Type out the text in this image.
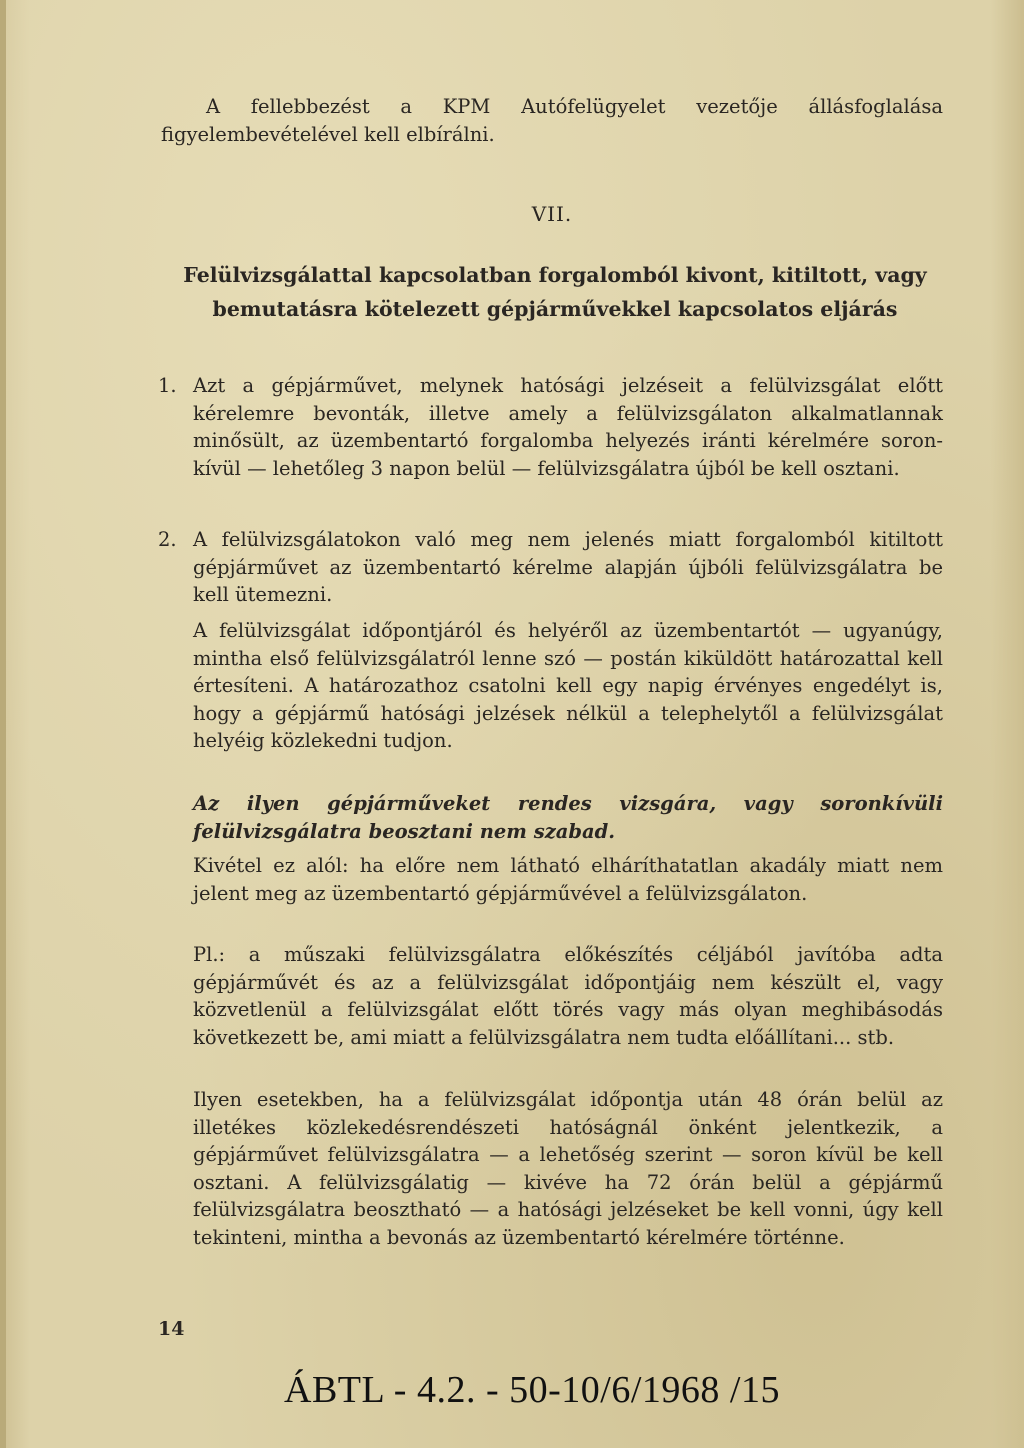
A fellebbezést a KPM Autófelügyelet vezetője állásfoglalása figyelembevételével kell elbírálni.

VII.

Felülvizsgálattal kapcsolatban forgalomból kivont, kitiltott, vagy bemutatásra kötelezett gépjárművekkel kapcsolatos eljárás

1. Azt a gépjárművet, melynek hatósági jelzéseit a felülvizsgálat előtt kérelemre bevonták, illetve amely a felülvizsgálaton alkalmatlannak minősült, az üzembentartó forgalomba helyezés iránti kérelmére soron-kívül — lehetőleg 3 napon belül — felülvizsgálatra újból be kell osztani.

2. A felülvizsgálatokon való meg nem jelenés miatt forgalomból kitiltott gépjárművet az üzembentartó kérelme alapján újbóli felülvizsgálatra be kell ütemezni.

A felülvizsgálat időpontjáról és helyéről az üzembentartót — ugyanúgy, mintha első felülvizsgálatról lenne szó — postán kiküldött határozattal kell értesíteni. A határozathoz csatolni kell egy napig érvényes engedélyt is, hogy a gépjármű hatósági jelzések nélkül a telephelytől a felülvizsgálat helyéig közlekedni tudjon.

Az ilyen gépjárműveket rendes vizsgára, vagy soronkívüli felülvizsgálatra beosztani nem szabad.

Kivétel ez alól: ha előre nem látható elháríthatatlan akadály miatt nem jelent meg az üzembentartó gépjárművével a felülvizsgálaton.

Pl.: a műszaki felülvizsgálatra előkészítés céljából javítóba adta gépjárművét és az a felülvizsgálat időpontjáig nem készült el, vagy közvetlenül a felülvizsgálat előtt törés vagy más olyan meghibásodás következett be, ami miatt a felülvizsgálatra nem tudta előállítani... stb.

Ilyen esetekben, ha a felülvizsgálat időpontja után 48 órán belül az illetékes közlekedésrendészeti hatóságnál önként jelentkezik, a gépjárművet felülvizsgálatra — a lehetőség szerint — soron kívül be kell osztani. A felülvizsgálatig — kivéve ha 72 órán belül a gépjármű felülvizsgálatra beosztható — a hatósági jelzéseket be kell vonni, úgy kell tekinteni, mintha a bevonás az üzembentartó kérelmére történne.

14

ÁBTL - 4.2. - 50-10/6/1968 /15
